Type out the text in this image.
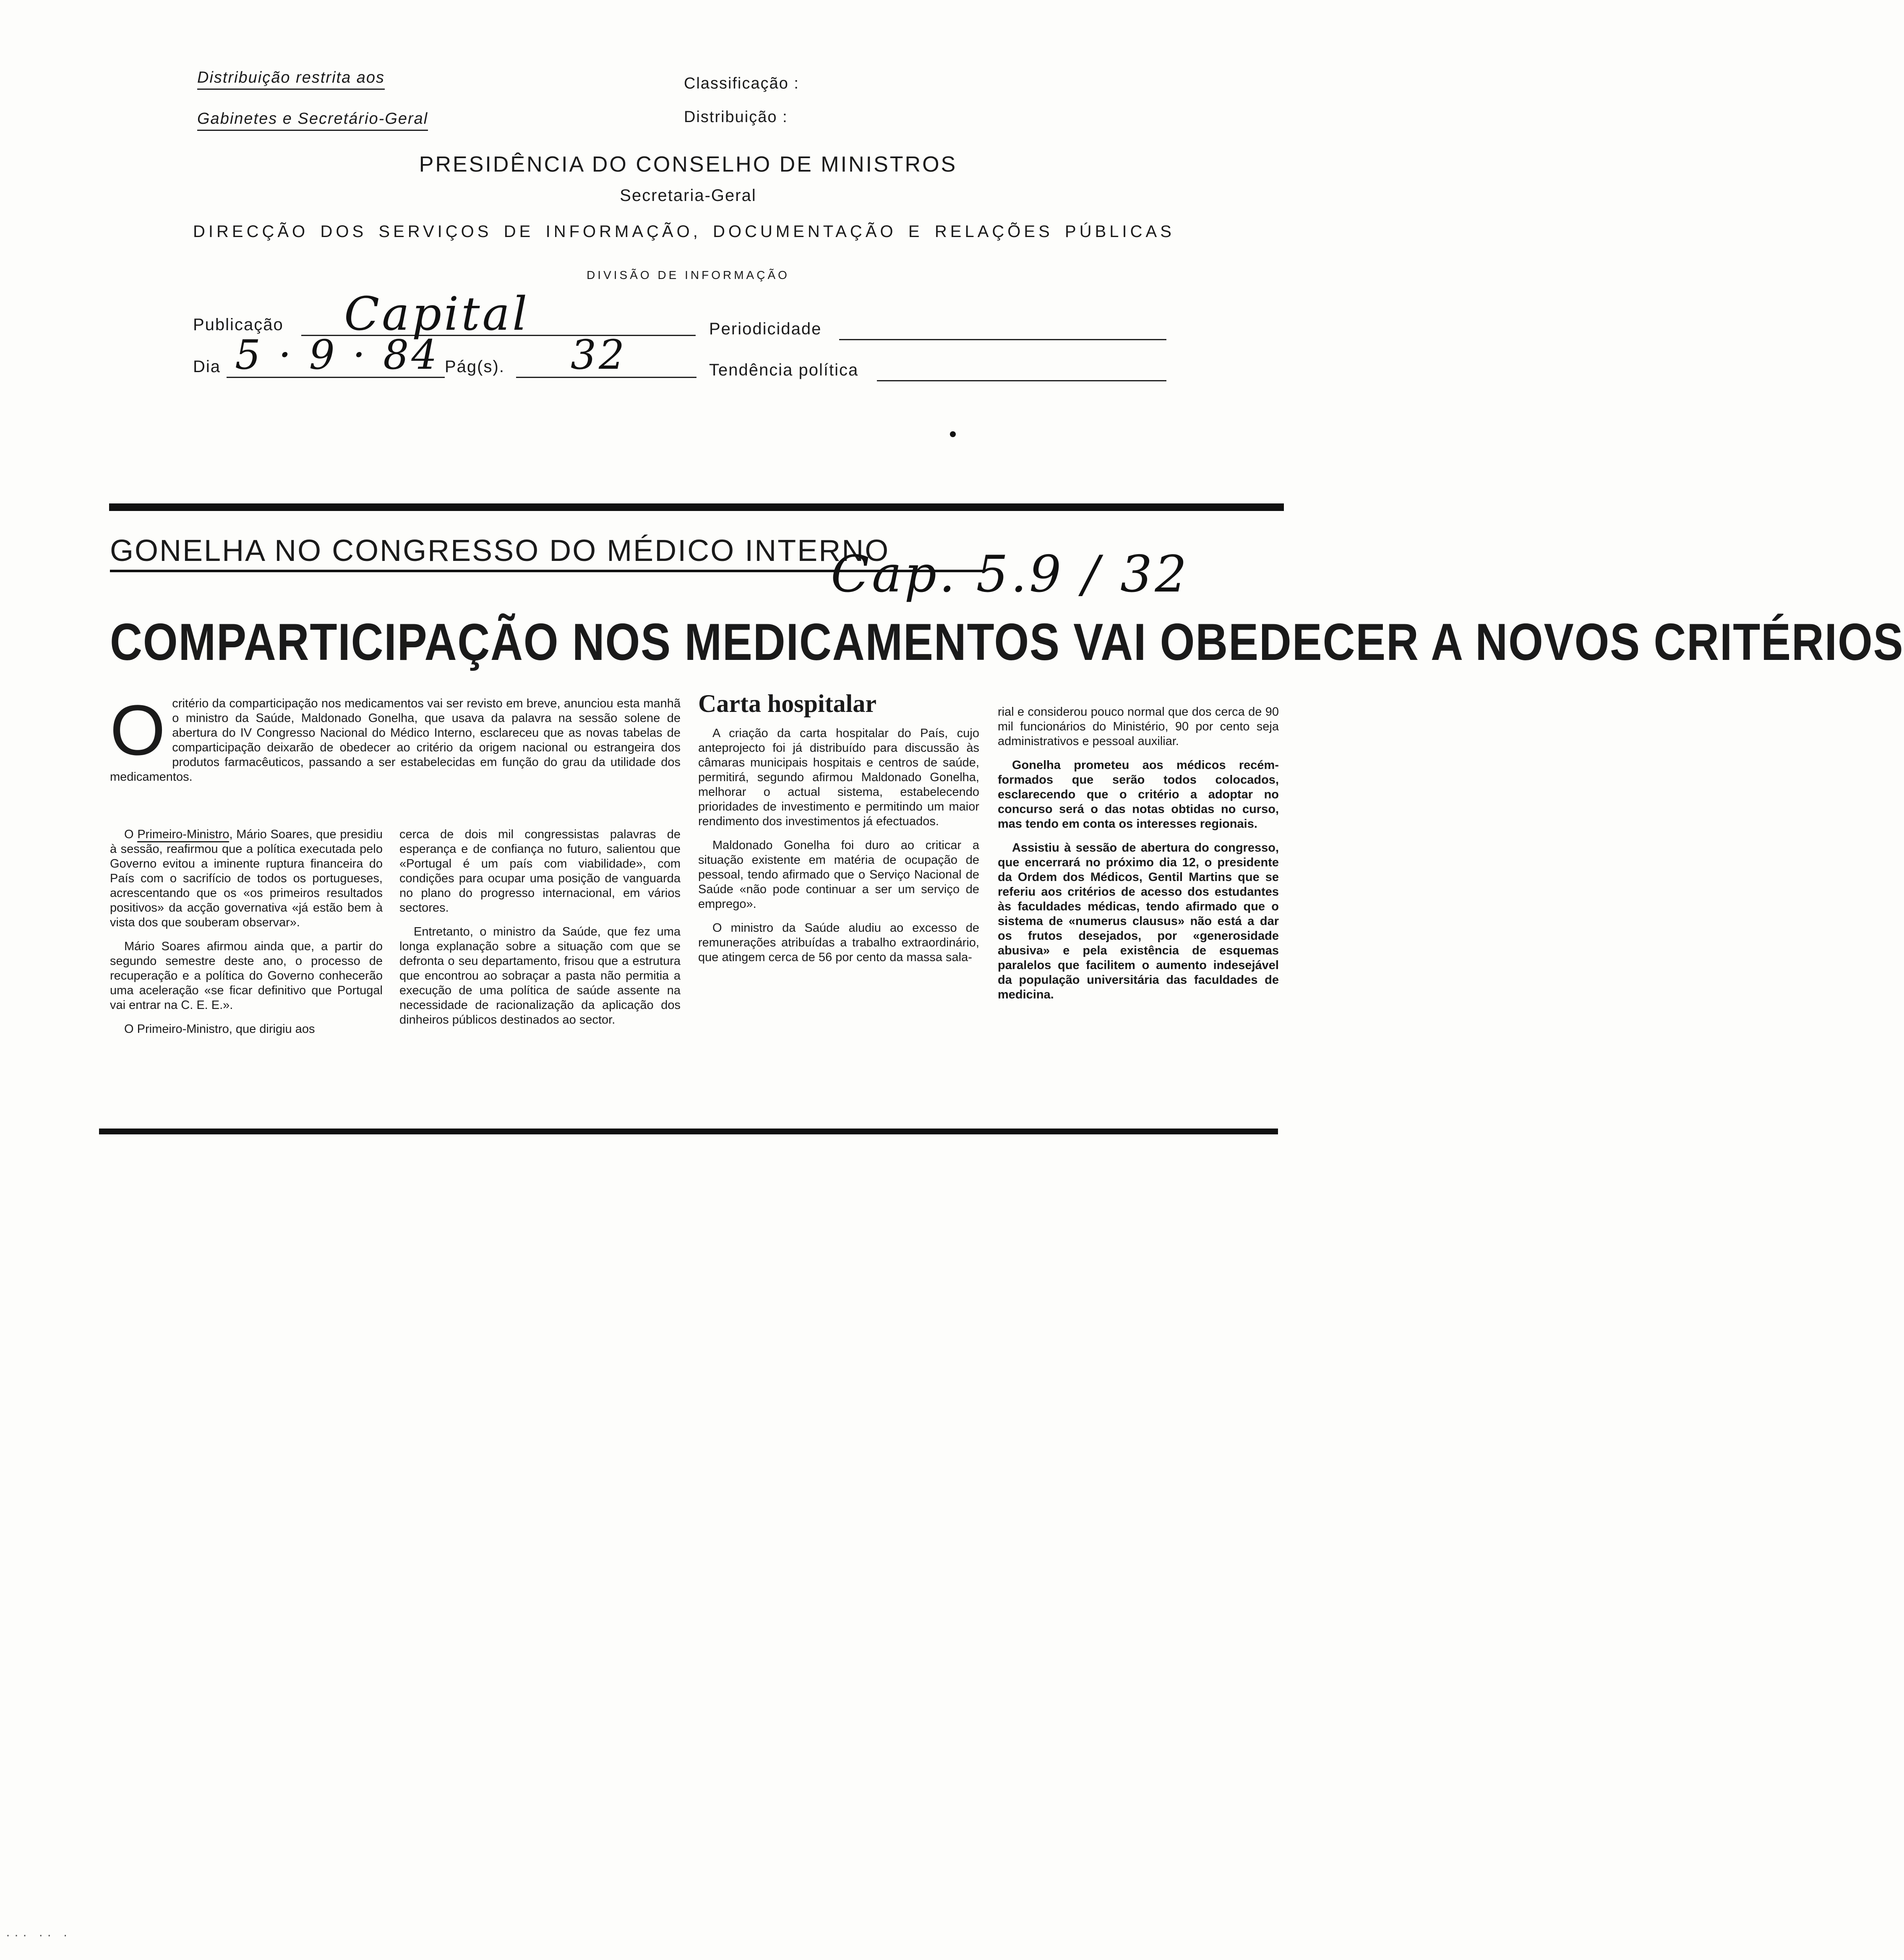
Distribuição restrita aos
Gabinetes e Secretário-Geral
Classificação :
Distribuição :
PRESIDÊNCIA DO CONSELHO DE MINISTROS
Secretaria-Geral
DIRECÇÃO DOS SERVIÇOS DE INFORMAÇÃO, DOCUMENTAÇÃO E RELAÇÕES PÚBLICAS
DIVISÃO DE INFORMAÇÃO
Publicação Capital	Periodicidade
Dia 5 · 9 · 84 Pág(s). 32	Tendência política
GONELHA NO CONGRESSO DO MÉDICO INTERNO
Cap. 5.9 / 32
COMPARTICIPAÇÃO NOS MEDICAMENTOS VAI OBEDECER A NOVOS CRITÉRIOS
O critério da comparticipação nos medicamentos vai ser revisto em breve, anunciou esta manhã o ministro da Saúde, Maldonado Gonelha, que usava da palavra na sessão solene de abertura do IV Congresso Nacional do Médico Interno, esclareceu que as novas tabelas de comparticipação deixarão de obedecer ao critério da origem nacional ou estrangeira dos produtos farmacêuticos, passando a ser estabelecidas em função do grau da utilidade dos medicamentos.

O Primeiro-Ministro, Mário Soares, que presidiu à sessão, reafirmou que a política executada pelo Governo evitou a iminente ruptura financeira do País com o sacrifício de todos os portugueses, acrescentando que os «os primeiros resultados positivos» da acção governativa «já estão bem à vista dos que souberam observar».

Mário Soares afirmou ainda que, a partir do segundo semestre deste ano, o processo de recuperação e a política do Governo conhecerão uma aceleração «se ficar definitivo que Portugal vai entrar na C. E. E.».

O Primeiro-Ministro, que dirigiu aos

cerca de dois mil congressistas palavras de esperança e de confiança no futuro, salientou que «Portugal é um país com viabilidade», com condições para ocupar uma posição de vanguarda no plano do progresso internacional, em vários sectores.

Entretanto, o ministro da Saúde, que fez uma longa explanação sobre a situação com que se defronta o seu departamento, frisou que a estrutura que encontrou ao sobraçar a pasta não permitia a execução de uma política de saúde assente na necessidade de racionalização da aplicação dos dinheiros públicos destinados ao sector.

Carta hospitalar

A criação da carta hospitalar do País, cujo anteprojecto foi já distribuído para discussão às câmaras municipais hospitais e centros de saúde, permitirá, segundo afirmou Maldonado Gonelha, melhorar o actual sistema, estabelecendo prioridades de investimento e permitindo um maior rendimento dos investimentos já efectuados.

Maldonado Gonelha foi duro ao criticar a situação existente em matéria de ocupação de pessoal, tendo afirmado que o Serviço Nacional de Saúde «não pode continuar a ser um serviço de emprego».

O ministro da Saúde aludiu ao excesso de remunerações atribuídas a trabalho extraordinário, que atingem cerca de 56 por cento da massa sala-

rial e considerou pouco normal que dos cerca de 90 mil funcionários do Ministério, 90 por cento seja administrativos e pessoal auxiliar.

Gonelha prometeu aos médicos recém-formados que serão todos colocados, esclarecendo que o critério a adoptar no concurso será o das notas obtidas no curso, mas tendo em conta os interesses regionais.

Assistiu à sessão de abertura do congresso, que encerrará no próximo dia 12, o presidente da Ordem dos Médicos, Gentil Martins que se referiu aos critérios de acesso dos estudantes às faculdades médicas, tendo afirmado que o sistema de «numerus clausus» não está a dar os frutos desejados, por «generosidade abusiva» e pela existência de esquemas paralelos que facilitem o aumento indesejável da população universitária das faculdades de medicina.

··· ·· ·
